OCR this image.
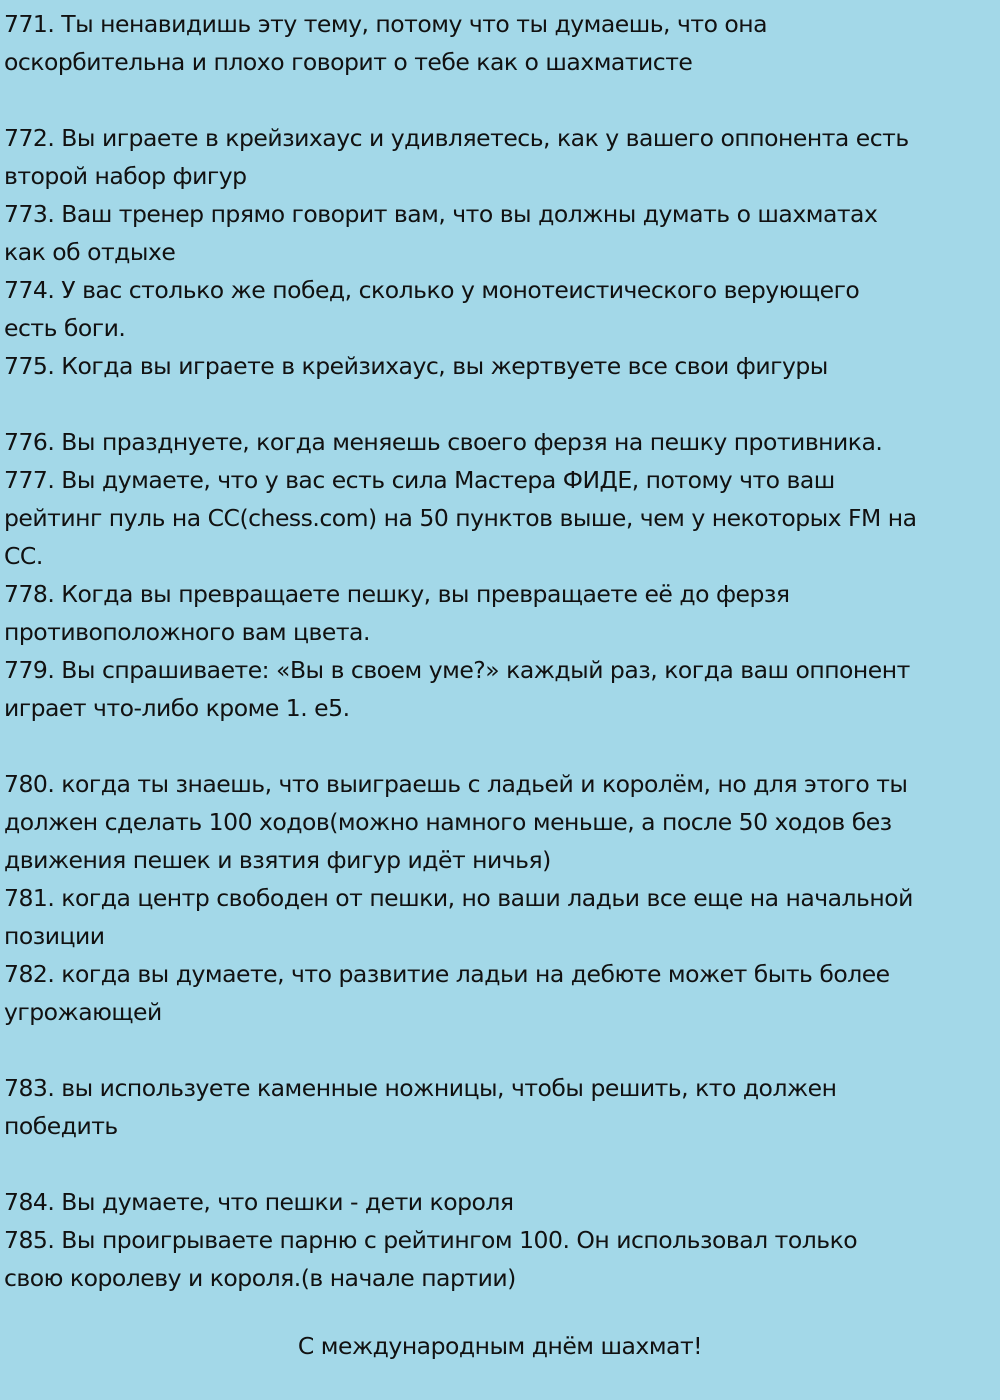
771. Ты ненавидишь эту тему, потому что ты думаешь, что она
оскорбительна и плохо говорит о тебе как о шахматисте
772. Вы играете в крейзихаус и удивляетесь, как у вашего оппонента есть
второй набор фигур
773. Ваш тренер прямо говорит вам, что вы должны думать о шахматах
как об отдыхе
774. У вас столько же побед, сколько у монотеистического верующего
есть боги.
775. Когда вы играете в крейзихаус, вы жертвуете все свои фигуры
776. Вы празднуете, когда меняешь своего ферзя на пешку противника.
777. Вы думаете, что у вас есть сила Мастера ФИДЕ, потому что ваш
рейтинг пуль на СС(chess.com) на 50 пунктов выше, чем у некоторых FM на
СС.
778. Когда вы превращаете пешку, вы превращаете её до ферзя
противоположного вам цвета.
779. Вы спрашиваете: «Вы в своем уме?» каждый раз, когда ваш оппонент
играет что-либо кроме 1. е5.
780. когда ты знаешь, что выиграешь с ладьей и королём, но для этого ты
должен сделать 100 ходов(можно намного меньше, а после 50 ходов без
движения пешек и взятия фигур идёт ничья)
781. когда центр свободен от пешки, но ваши ладьи все еще на начальной
позиции
782. когда вы думаете, что развитие ладьи на дебюте может быть более
угрожающей
783. вы используете каменные ножницы, чтобы решить, кто должен
победить
784. Вы думаете, что пешки - дети короля
785. Вы проигрываете парню с рейтингом 100. Он использовал только
свою королеву и короля.(в начале партии)
С международным днём шахмат!
